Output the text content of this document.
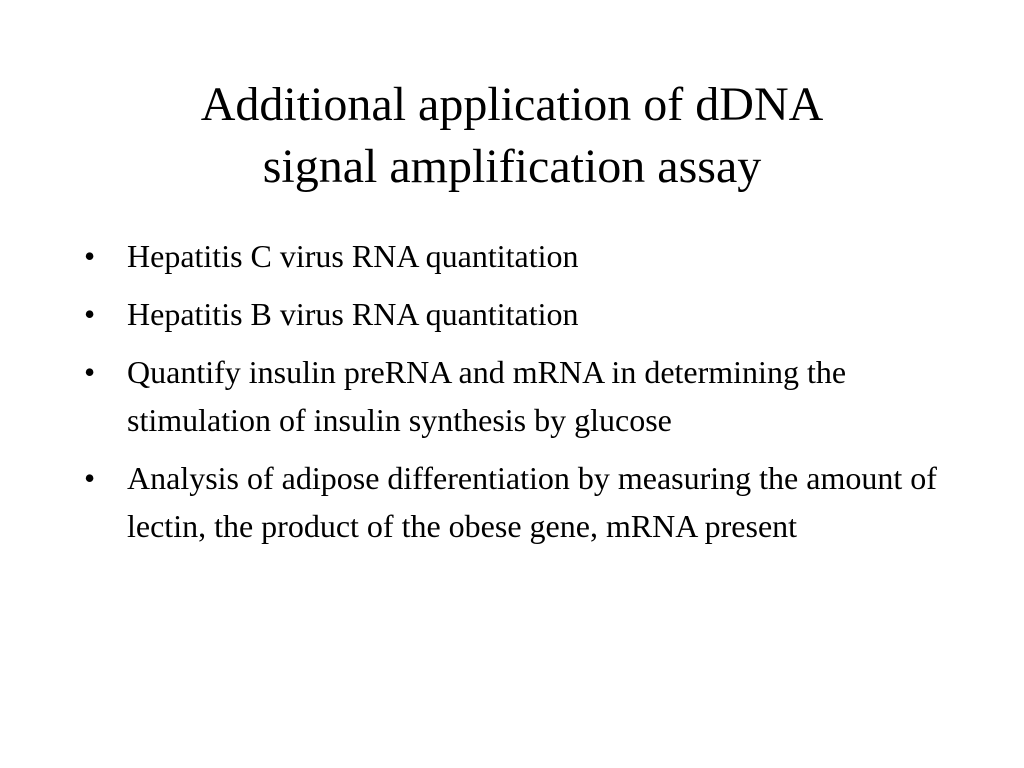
Additional application of dDNA
signal amplification assay
• Hepatitis C virus RNA quantitation
• Hepatitis B virus RNA quantitation
• Quantify insulin preRNA and mRNA in determining the stimulation of insulin synthesis by glucose
• Analysis of adipose differentiation by measuring the amount of lectin, the product of the obese gene, mRNA present
